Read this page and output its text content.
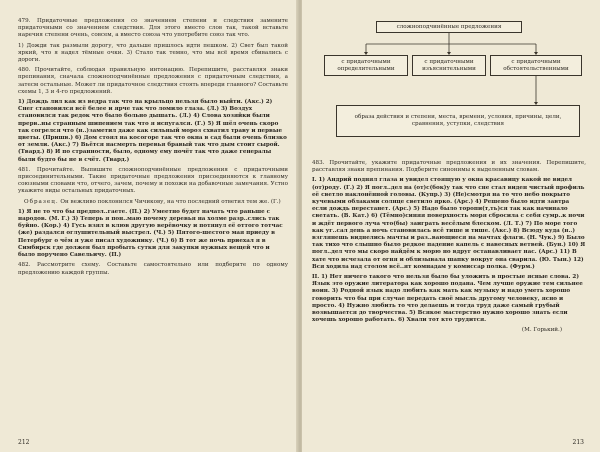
479. Придаточные предложения со значением степени и следствия замените придаточными со значением следствия. Для этого вместо слов так, такой вставьте наречия степени очень, совсем, а вместо союза что употребите союз так что.

1) Дожди так размыли дорогу, что дальше пришлось идти пешком. 2) Свет был такой яркий, что я надел тёмные очки. 3) Стало так темно, что мы всё время сбивались с дороги.

480. Прочитайте, соблюдая правильную интонацию. Перепишите, расставляя знаки препинания, сначала сложноподчинённые предложения с придаточным следствия, а затесм остальные. Может ли придаточное следствия стоять впереди главного? Составьте схемы 1, 3 и 4-го предложений.

1) Дождь лил как из ведра так что на крыльцо нельзя было выйти. (Акс.) 2) Снег становился всё белее и ярче так что ломило глаза. (Л.) 3) Воздух становился так редок что было больно дышать. (Л.) 4) Слова хозяйки были прерв..ны странным шипением так что я испугался. (Г.) 5) Я шёл очень скоро так согрелся что (н..)заметил даже как сильный мороз схватил траву и первые цветы. (Пришв.) 6) Дом стоял на косогоре так что окна в сад были очень близко от земли. (Акс.) 7) Вьётся насмерть перевья бравый так что дым стоит сырой. (Твард.) 8) И по странности, было, одному ему почёт так что даже генералы были будто бы не в счёт. (Твард.)

481. Прочитайте. Выпишите сложноподчинённые предложения с придаточными присоединительными. Такие придаточные предложения присоединяются к главному союзными словами что, отчего, зачем, почему и похожи на добавочные замечания. Устно укажите виды остальных придаточных.

Образец. Он вежливо поклонился Чичикову, на что последний ответил тем же. (Г.)

1) Я не то что бы предпол..гаете. (П.) 2) Умеетно будет начать что раньше с народов. (М. Г.) 3) Теперь я пон..маю почему деревья на холме разр..слись так буйно. (Кор.) 4) Гусь взял в клюв другую верёвочку и потянул её оттого тотчас (же) раздался оглушительный выстрел. (Ч.) 5) Пятого-шестого мая приеду в Петербург о чём я уже писал художнику. (Ч.) 6) В тот же ночь приехал я в Симбирск где должен был пробыть сутки для закупки нужных вещей что и было поручено Савельичу. (П.)

482. Рассмотрите схему. Составьте самостоятельно или подберите по одному предложению каждой группы.

212
сложноподчинённые предложения
с придаточными определительными
с придаточными изъяснительными
с придаточными обстоятельственными
образа действия и степени, места, времени, условия, причины, цели, сравнения, уступки, следствия

483. Прочитайте, укажите придаточные предложения и их значения. Перепишите, расставляя знаки препинания. Подберите синонимы к выделенным словам.

I. 1) Андрий поднял глаза и увидел стоящую у окна красавицу какой не видел (от)роду. (Г.) 2) Я погл..дел на (от)с(бок)у так что сне стал виден чистый профиль её светло наклонённой головы. (Купр.) 3) (Не)смотря на то что небо покрыто кучевыми облаками солнце светило ярко. (Арс.) 4) Решено было идти завтра если дождь перестанет. (Арс.) 5) Надо было торопи(т,ть)ся так как начинало светать. (В. Кат.) 6) (Тёмно)синяя поверхность моря сбросила с себя сумр..к ночи и ждёт первого луча что(бы) заиграть весёлым блеском. (Л. Т.) 7) По море того как уг..сал день а ночь становилась всё тише и тише. (Акс.) 8) Всюду куда (н..) взглянешь виднелись мачты и раз..вающиеся на мачтах флаги. (Н. Чук.) 9) Было так тихо что слышно было редкое падение капель с навесных ветвей. (Бун.) 10) Я погл..дел что мы скоро найдём к морю но вдруг останавливает нас. (Арс.) 11) В хате что исчезала от огня и облизывала шапку вокруг она сварила. (Ю. Тын.) 12) Вся ходила над столом всё..ят комнадам у комиссар полка. (Фурм.)

II. 1) Нет ничего такого что нельзя было бы уложить в простые ясные слова. 2) Язык это оружие литератора как хорошо подана. Чем лучше оружие тем сильнее воин. 3) Родной язык надо любить как мать как музыку и надо уметь хорошо говорить что бы при случае передать своё мысль другому человеку, ясно и просто. 4) Нужно любить то что делаешь и тогда труд даже самый грубый возвышается до творчества. 5) Всякое мастерство нужно хорошо знать если хочешь хорошо работать. 6) Хвали тот кто трудится.

(М. Горький.)

213
